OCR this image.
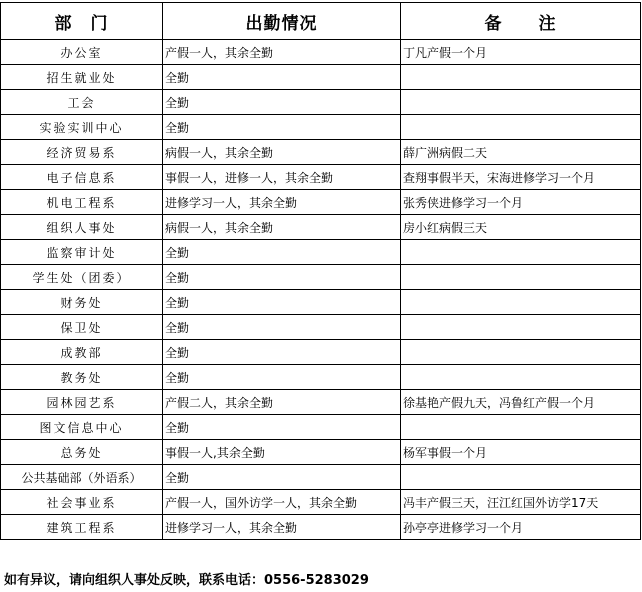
部　门	出勤情况	备　　注
办公室	产假一人，其余全勤	丁凡产假一个月
招生就业处	全勤	
工会	全勤	
实验实训中心	全勤	
经济贸易系	病假一人，其余全勤	薛广洲病假二天
电子信息系	事假一人，进修一人，其余全勤	查翔事假半天，宋海进修学习一个月
机电工程系	进修学习一人，其余全勤	张秀侠进修学习一个月
组织人事处	病假一人，其余全勤	房小红病假三天
监察审计处	全勤	
学生处（团委）	全勤	
财务处	全勤	
保卫处	全勤	
成教部	全勤	
教务处	全勤	
园林园艺系	产假二人，其余全勤	徐基艳产假九天，冯鲁红产假一个月
图文信息中心	全勤	
总务处	事假一人,其余全勤	杨军事假一个月
公共基础部（外语系）	全勤	
社会事业系	产假一人，国外访学一人，其余全勤	冯丰产假三天，汪江红国外访学17天
建筑工程系	进修学习一人，其余全勤	孙亭亭进修学习一个月
如有异议，请向组织人事处反映，联系电话：0556-5283029
